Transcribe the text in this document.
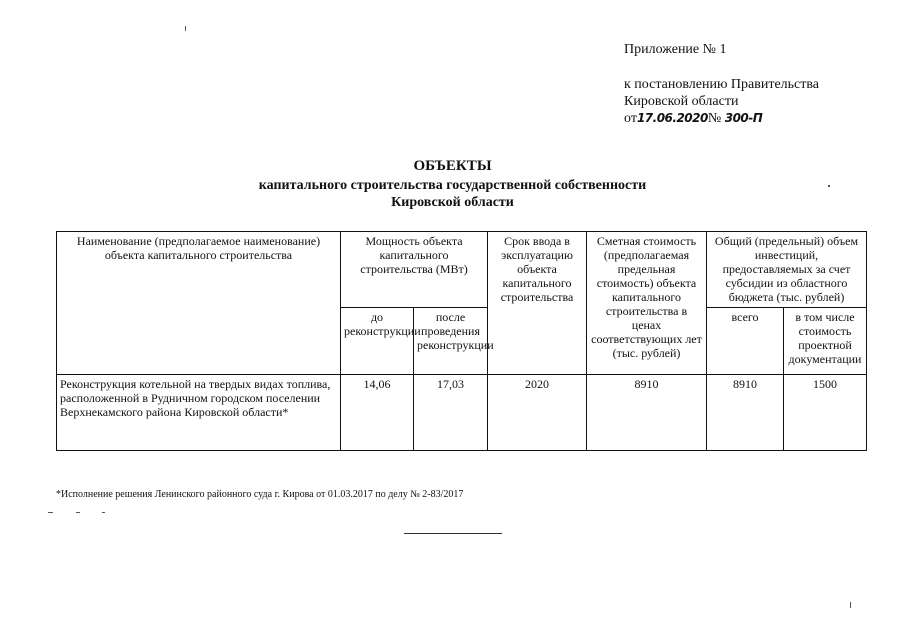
Приложение № 1
к постановлению Правительства
Кировской области
от17.06.2020№ 300-П
ОБЪЕКТЫ
капитального строительства государственной собственности
Кировской области
Наименование (предполагаемое наименование) объекта капитального строительства	Мощность объекта капитального строительства (МВт)		Срок ввода в эксплуатацию объекта капитального строительства	Сметная стоимость (предполагаемая предельная стоимость) объекта капитального строительства в ценах соответствующих лет (тыс. рублей)	Общий (предельный) объем инвестиций, предоставляемых за счет субсидии из областного бюджета (тыс. рублей)	
	до реконструкции	после проведения реконструкции			всего	в том числе стоимость проектной документации
Реконструкция котельной на твердых видах топлива, расположенной в Рудничном городском поселении Верхнекамского района Кировской области*	14,06	17,03	2020	8910	8910	1500
*Исполнение решения Ленинского районного суда г. Кирова от 01.03.2017 по делу № 2-83/2017
